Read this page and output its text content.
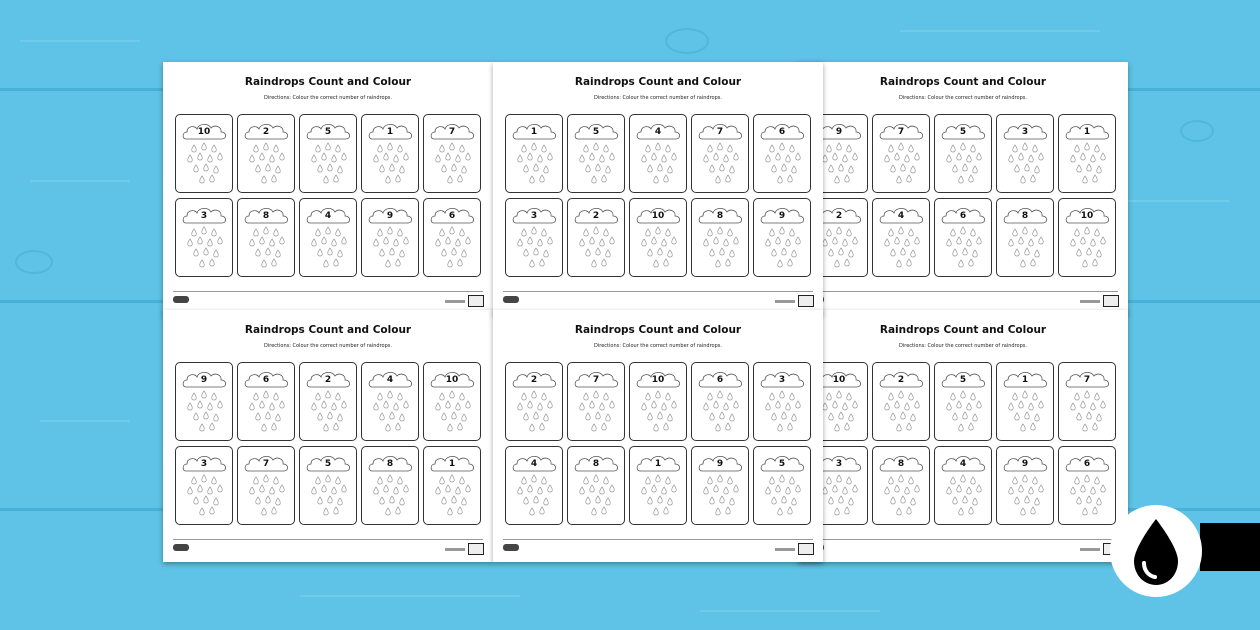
Raindrops Count and Colour
Directions: Colour the correct number of raindrops.
10	2	5	1	7
3	8	4	9	6
Raindrops Count and Colour
Directions: Colour the correct number of raindrops.
9	7	5	3	1
2	4	6	8	10
Raindrops Count and Colour
Directions: Colour the correct number of raindrops.
9	6	2	4	10
3	7	5	8	1
Raindrops Count and Colour
Directions: Colour the correct number of raindrops.
10	2	5	1	7
3	8	4	9	6
Raindrops Count and Colour
Directions: Colour the correct number of raindrops.
1	5	4	7	6
3	2	10	8	9
Raindrops Count and Colour
Directions: Colour the correct number of raindrops.
2	7	10	6	3
4	8	1	9	5
